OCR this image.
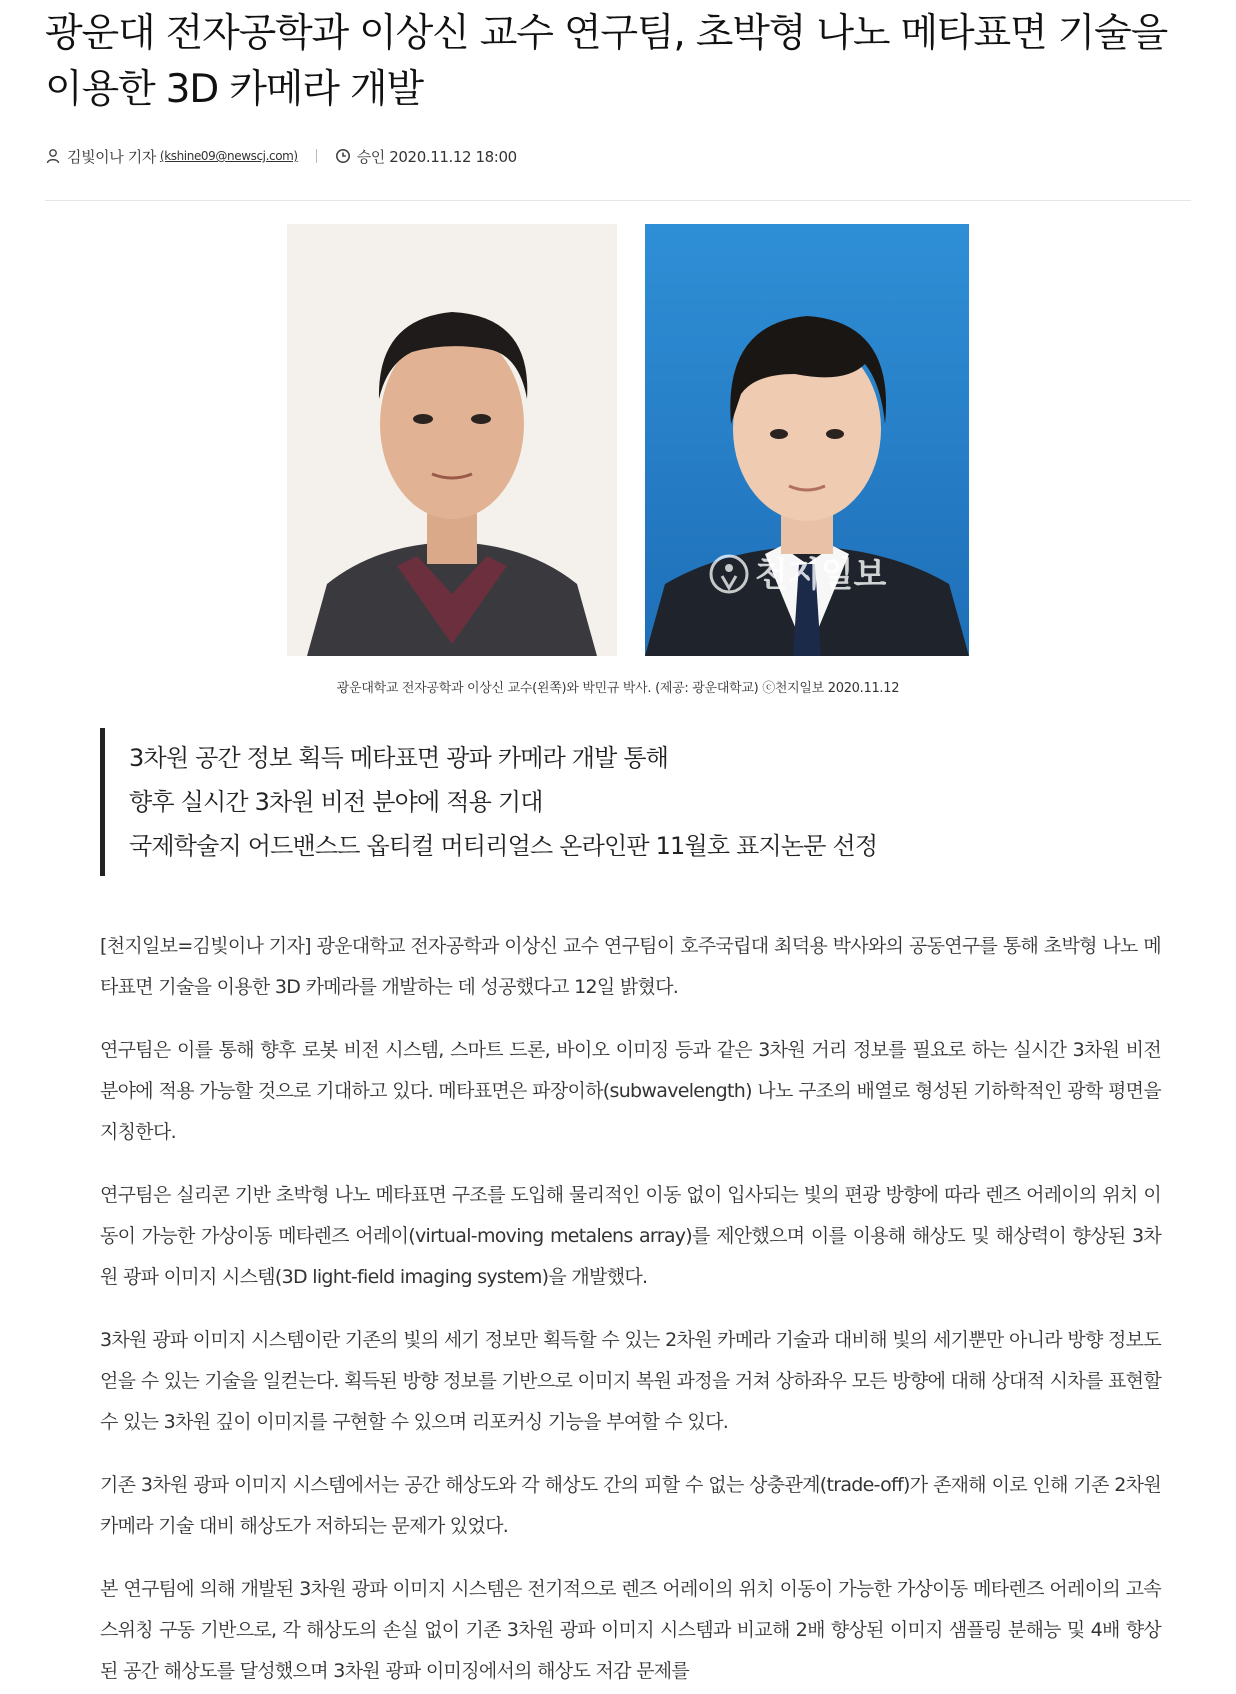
광운대 전자공학과 이상신 교수 연구팀, 초박형 나노 메타표면 기술을 이용한 3D 카메라 개발
김빛이나 기자 (kshine09@newscj.com)	승인 2020.11.12 18:00
천지일보

광운대학교 전자공학과 이상신 교수(왼쪽)와 박민규 박사. (제공: 광운대학교) ⓒ천지일보 2020.11.12

3차원 공간 정보 획득 메타표면 광파 카메라 개발 통해

향후 실시간 3차원 비전 분야에 적용 기대

국제학술지 어드밴스드 옵티컬 머티리얼스 온라인판 11월호 표지논문 선정

[천지일보=김빛이나 기자] 광운대학교 전자공학과 이상신 교수 연구팀이 호주국립대 최덕용 박사와의 공동연구를 통해 초박형 나노 메타표면 기술을 이용한 3D 카메라를 개발하는 데 성공했다고 12일 밝혔다.

연구팀은 이를 통해 향후 로봇 비전 시스템, 스마트 드론, 바이오 이미징 등과 같은 3차원 거리 정보를 필요로 하는 실시간 3차원 비전 분야에 적용 가능할 것으로 기대하고 있다. 메타표면은 파장이하(subwavelength) 나노 구조의 배열로 형성된 기하학적인 광학 평면을 지칭한다.

연구팀은 실리콘 기반 초박형 나노 메타표면 구조를 도입해 물리적인 이동 없이 입사되는 빛의 편광 방향에 따라 렌즈 어레이의 위치 이동이 가능한 가상이동 메타렌즈 어레이(virtual-moving metalens array)를 제안했으며 이를 이용해 해상도 및 해상력이 향상된 3차원 광파 이미지 시스템(3D light-field imaging system)을 개발했다.

3차원 광파 이미지 시스템이란 기존의 빛의 세기 정보만 획득할 수 있는 2차원 카메라 기술과 대비해 빛의 세기뿐만 아니라 방향 정보도 얻을 수 있는 기술을 일컫는다. 획득된 방향 정보를 기반으로 이미지 복원 과정을 거쳐 상하좌우 모든 방향에 대해 상대적 시차를 표현할 수 있는 3차원 깊이 이미지를 구현할 수 있으며 리포커싱 기능을 부여할 수 있다.

기존 3차원 광파 이미지 시스템에서는 공간 해상도와 각 해상도 간의 피할 수 없는 상충관계(trade-off)가 존재해 이로 인해 기존 2차원 카메라 기술 대비 해상도가 저하되는 문제가 있었다.

본 연구팀에 의해 개발된 3차원 광파 이미지 시스템은 전기적으로 렌즈 어레이의 위치 이동이 가능한 가상이동 메타렌즈 어레이의 고속 스위칭 구동 기반으로, 각 해상도의 손실 없이 기존 3차원 광파 이미지 시스템과 비교해 2배 향상된 이미지 샘플링 분해능 및 4배 향상된 공간 해상도를 달성했으며 3차원 광파 이미징에서의 해상도 저감 문제를
